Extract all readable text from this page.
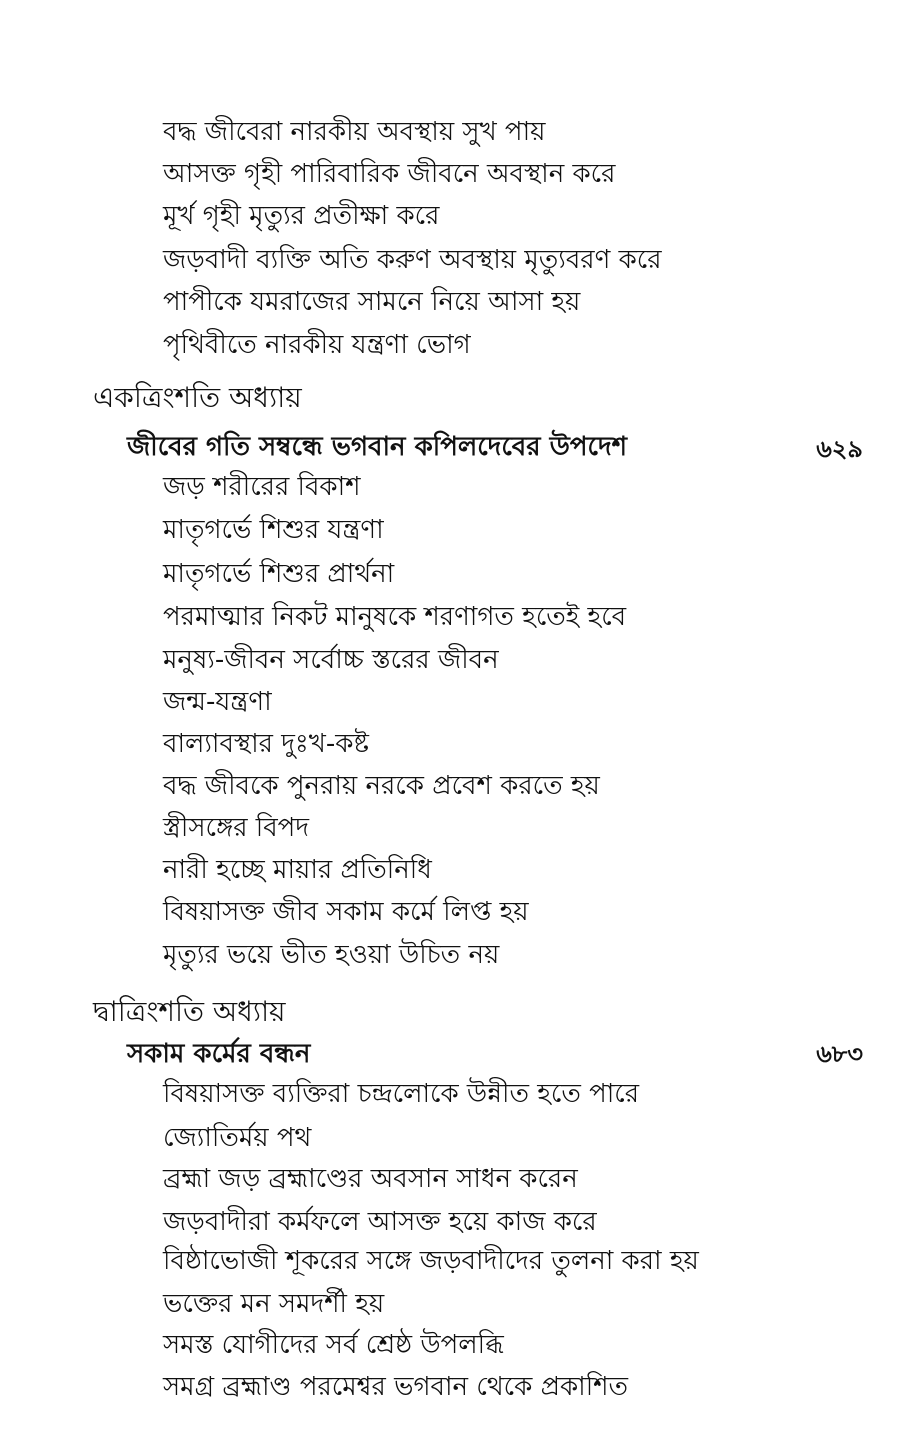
বদ্ধ জীবেরা নারকীয় অবস্থায় সুখ পায়
আসক্ত গৃহী পারিবারিক জীবনে অবস্থান করে
মূর্খ গৃহী মৃত্যুর প্রতীক্ষা করে
জড়বাদী ব্যক্তি অতি করুণ অবস্থায় মৃত্যুবরণ করে
পাপীকে যমরাজের সামনে নিয়ে আসা হয়
পৃথিবীতে নারকীয় যন্ত্রণা ভোগ
একত্রিংশতি অধ্যায়
জীবের গতি সম্বন্ধে ভগবান কপিলদেবের উপদেশ	৬২৯
জড় শরীরের বিকাশ
মাতৃগর্ভে শিশুর যন্ত্রণা
মাতৃগর্ভে শিশুর প্রার্থনা
পরমাত্মার নিকট মানুষকে শরণাগত হতেই হবে
মনুষ্য-জীবন সর্বোচ্চ স্তরের জীবন
জন্ম-যন্ত্রণা
বাল্যাবস্থার দুঃখ-কষ্ট
বদ্ধ জীবকে পুনরায় নরকে প্রবেশ করতে হয়
স্ত্রীসঙ্গের বিপদ
নারী হচ্ছে মায়ার প্রতিনিধি
বিষয়াসক্ত জীব সকাম কর্মে লিপ্ত হয়
মৃত্যুর ভয়ে ভীত হওয়া উচিত নয়
দ্বাত্রিংশতি অধ্যায়
সকাম কর্মের বন্ধন	৬৮৩
বিষয়াসক্ত ব্যক্তিরা চন্দ্রলোকে উন্নীত হতে পারে
জ্যোতির্ময় পথ
ব্রহ্মা জড় ব্রহ্মাণ্ডের অবসান সাধন করেন
জড়বাদীরা কর্মফলে আসক্ত হয়ে কাজ করে
বিষ্ঠাভোজী শূকরের সঙ্গে জড়বাদীদের তুলনা করা হয়
ভক্তের মন সমদর্শী হয়
সমস্ত যোগীদের সর্ব শ্রেষ্ঠ উপলব্ধি
সমগ্র ব্রহ্মাণ্ড পরমেশ্বর ভগবান থেকে প্রকাশিত
